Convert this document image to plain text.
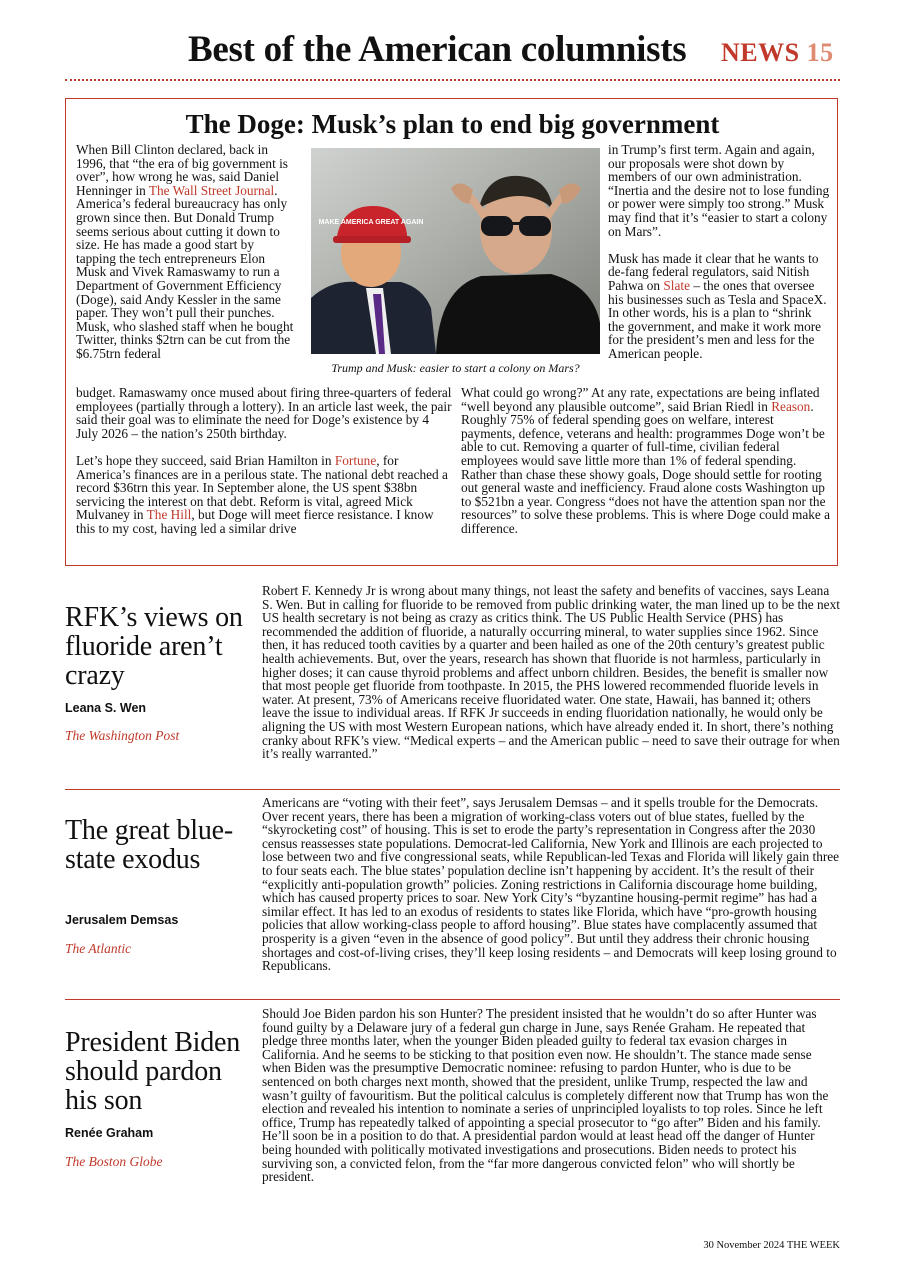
Best of the American columnists NEWS 15
The Doge: Musk’s plan to end big government

When Bill Clinton declared, back in 1996, that “the era of big government is over”, how wrong he was, said Daniel Henninger in The Wall Street Journal. America’s federal bureaucracy has only grown since then. But Donald Trump seems serious about cutting it down to size. He has made a good start by tapping the tech entrepreneurs Elon Musk and Vivek Ramaswamy to run a Department of Government Efficiency (Doge), said Andy Kessler in the same paper. They won’t pull their punches. Musk, who slashed staff when he bought Twitter, thinks $2trn can be cut from the $6.75trn federal

MAKE AMERICA GREAT AGAIN
Trump and Musk: easier to start a colony on Mars?

in Trump’s first term. Again and again, our proposals were shot down by members of our own administration. “Inertia and the desire not to lose funding or power were simply too strong.” Musk may find that it’s “easier to start a colony on Mars”.

Musk has made it clear that he wants to de-fang federal regulators, said Nitish Pahwa on Slate – the ones that oversee his businesses such as Tesla and SpaceX. In other words, his is a plan to “shrink the government, and make it work more for the president’s men and less for the American people.

budget. Ramaswamy once mused about firing three-quarters of federal employees (partially through a lottery). In an article last week, the pair said their goal was to eliminate the need for Doge’s existence by 4 July 2026 – the nation’s 250th birthday.

Let’s hope they succeed, said Brian Hamilton in Fortune, for America’s finances are in a perilous state. The national debt reached a record $36trn this year. In September alone, the US spent $38bn servicing the interest on that debt. Reform is vital, agreed Mick Mulvaney in The Hill, but Doge will meet fierce resistance. I know this to my cost, having led a similar drive

What could go wrong?” At any rate, expectations are being inflated “well beyond any plausible outcome”, said Brian Riedl in Reason. Roughly 75% of federal spending goes on welfare, interest payments, defence, veterans and health: programmes Doge won’t be able to cut. Removing a quarter of full-time, civilian federal employees would save little more than 1% of federal spending. Rather than chase these showy goals, Doge should settle for rooting out general waste and inefficiency. Fraud alone costs Washington up to $521bn a year. Congress “does not have the attention span nor the resources” to solve these problems. This is where Doge could make a difference.

RFK’s views on fluoride aren’t crazy
Leana S. Wen
The Washington Post

Robert F. Kennedy Jr is wrong about many things, not least the safety and benefits of vaccines, says Leana S. Wen. But in calling for fluoride to be removed from public drinking water, the man lined up to be the next US health secretary is not being as crazy as critics think. The US Public Health Service (PHS) has recommended the addition of fluoride, a naturally occurring mineral, to water supplies since 1962. Since then, it has reduced tooth cavities by a quarter and been hailed as one of the 20th century’s greatest public health achievements. But, over the years, research has shown that fluoride is not harmless, particularly in higher doses; it can cause thyroid problems and affect unborn children. Besides, the benefit is smaller now that most people get fluoride from toothpaste. In 2015, the PHS lowered recommended fluoride levels in water. At present, 73% of Americans receive fluoridated water. One state, Hawaii, has banned it; others leave the issue to individual areas. If RFK Jr succeeds in ending fluoridation nationally, he would only be aligning the US with most Western European nations, which have already ended it. In short, there’s nothing cranky about RFK’s view. “Medical experts – and the American public – need to save their outrage for when it’s really warranted.”

The great blue-state exodus
Jerusalem Demsas
The Atlantic

Americans are “voting with their feet”, says Jerusalem Demsas – and it spells trouble for the Democrats. Over recent years, there has been a migration of working-class voters out of blue states, fuelled by the “skyrocketing cost” of housing. This is set to erode the party’s representation in Congress after the 2030 census reassesses state populations. Democrat-led California, New York and Illinois are each projected to lose between two and five congressional seats, while Republican-led Texas and Florida will likely gain three to four seats each. The blue states’ population decline isn’t happening by accident. It’s the result of their “explicitly anti-population growth” policies. Zoning restrictions in California discourage home building, which has caused property prices to soar. New York City’s “byzantine housing-permit regime” has had a similar effect. It has led to an exodus of residents to states like Florida, which have “pro-growth housing policies that allow working-class people to afford housing”. Blue states have complacently assumed that prosperity is a given “even in the absence of good policy”. But until they address their chronic housing shortages and cost-of-living crises, they’ll keep losing residents – and Democrats will keep losing ground to Republicans.

President Biden should pardon his son
Renée Graham
The Boston Globe

Should Joe Biden pardon his son Hunter? The president insisted that he wouldn’t do so after Hunter was found guilty by a Delaware jury of a federal gun charge in June, says Renée Graham. He repeated that pledge three months later, when the younger Biden pleaded guilty to federal tax evasion charges in California. And he seems to be sticking to that position even now. He shouldn’t. The stance made sense when Biden was the presumptive Democratic nominee: refusing to pardon Hunter, who is due to be sentenced on both charges next month, showed that the president, unlike Trump, respected the law and wasn’t guilty of favouritism. But the political calculus is completely different now that Trump has won the election and revealed his intention to nominate a series of unprincipled loyalists to top roles. Since he left office, Trump has repeatedly talked of appointing a special prosecutor to “go after” Biden and his family. He’ll soon be in a position to do that. A presidential pardon would at least head off the danger of Hunter being hounded with politically motivated investigations and prosecutions. Biden needs to protect his surviving son, a convicted felon, from the “far more dangerous convicted felon” who will shortly be president.

30 November 2024 THE WEEK
